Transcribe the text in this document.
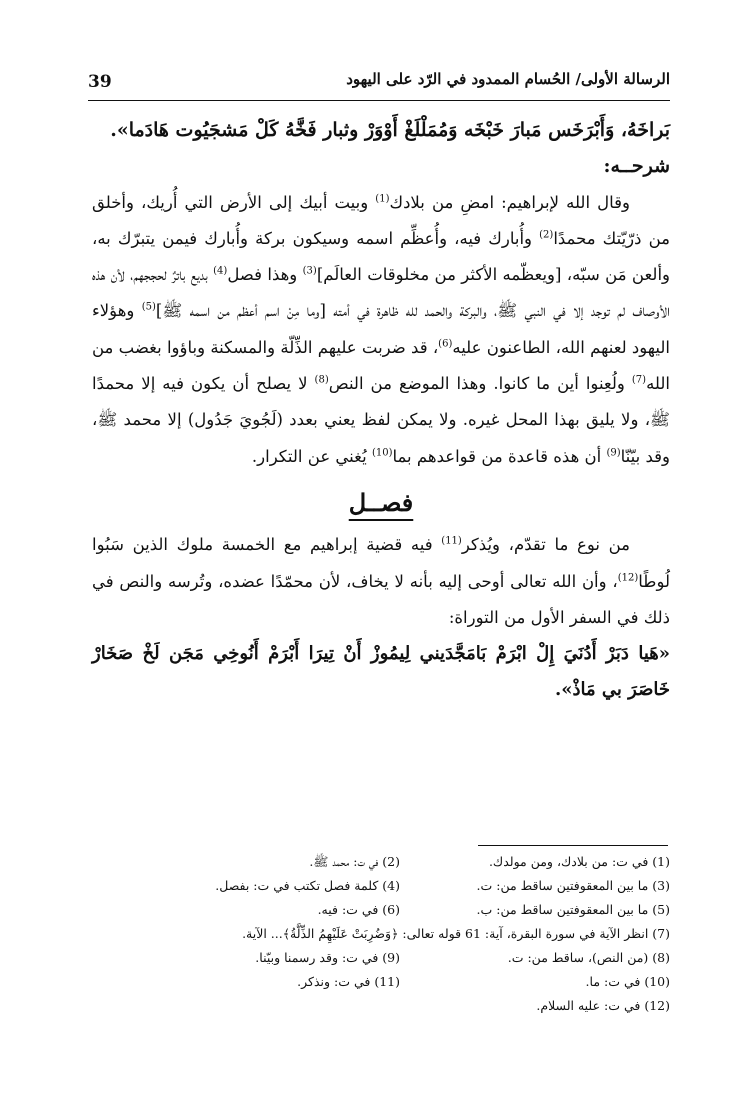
39	الرسالة الأولى/ الحُسام الممدود في الرّد على اليهود

بَراخَهُ، وَأَبْرَخَس مَبارَ خَبْخَه وَمُمَلْلَغْ أَوْوَرْ وثبار فَخَّهُ كَلْ مَشجَيُوت هَادَما».

شرحــه:

وقال الله لإبراهيم: امضِ من بلادك$^{(1)}$ وبيت أبيك إلى الأرض التي أُريك، وأخلق من ذرّيّتك محمدًا$^{(2)}$ وأُبارك فيه، وأُعظِّم اسمه وسيكون بركة وأُبارك فيمن يتبرّك به، وألعن مَن سبّه، [ويعظّمه الأكثر من مخلوقات العالَم]$^{(3)}$ وهذا فصل$^{(4)}$ بديع باترٌ لحججهم، لأن هذه الأوصاف لم توجد إلا في النبي ﷺ، والبركة والحمد لله ظاهرة في أمته [وما مِنْ اسم أعظم من اسمه ﷺ]$^{(5)}$ وهؤلاء اليهود لعنهم الله، الطاعنون عليه$^{(6)}$، قد ضربت عليهم الذِّلّة والمسكنة وباؤوا بغضب من الله$^{(7)}$ ولُعِنوا أين ما كانوا. وهذا الموضع من النص$^{(8)}$ لا يصلح أن يكون فيه إلا محمدًا ﷺ، ولا يليق بهذا المحل غيره. ولا يمكن لفظ يعني بعدد (لَجُويَ جَدُول) إلا محمد ﷺ، وقد بيّنّا$^{(9)}$ أن هذه قاعدة من قواعدهم بما$^{(10)}$ يُغني عن التكرار.

فصــل

من نوع ما تقدّم، ويُذكر$^{(11)}$ فيه قضية إبراهيم مع الخمسة ملوك الذين سَبُوا لُوطًا$^{(12)}$، وأن الله تعالى أوحى إليه بأنه لا يخاف، لأن محمّدًا عضده، وتُرسه والنص في ذلك في السفر الأول من التوراة:

«هَيا دَبَرْ أَدُنَيَ إِلْ ابْرَمْ بَامَجَّدَيني لِيمُوزْ أَنْ تِيرَا أَبْرَمْ أَنُوخِي مَجَن لَخْ صَخَارْ خَاصَرَ بي مَاذْ».

(1) في ت: من بلادك، ومن مولدك.
(2) في ت: محمد ﷺ.
(3) ما بين المعقوفتين ساقط من: ت.
(4) كلمة فصل تكتب في ت: بفصل.
(5) ما بين المعقوفتين ساقط من: ب.
(6) في ت: فيه.
(7) انظر الآية في سورة البقرة، آية: 61 قوله تعالى: ﴿وَضُرِبَتْ عَلَيْهِمُ الذِّلَّةُ﴾... الآية.
(8) (من النص)، ساقط من: ت.
(9) في ت: وقد رسمنا وبيّنا.
(10) في ت: ما.
(11) في ت: ونذكر.
(12) في ت: عليه السلام.
